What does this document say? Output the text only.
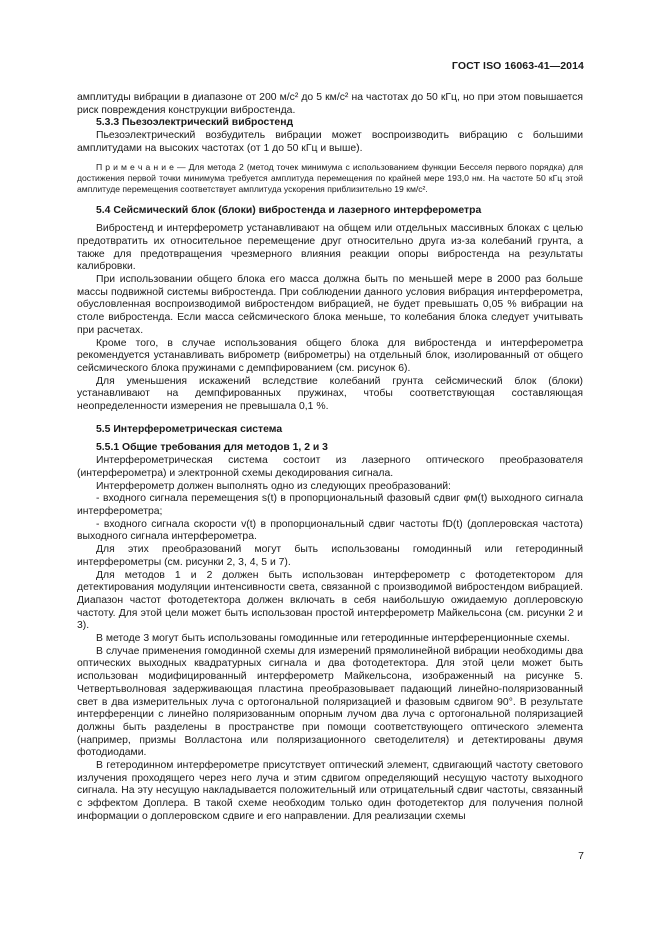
ГОСТ ISO 16063-41—2014

амплитуды вибрации в диапазоне от 200 м/с² до 5 км/с² на частотах до 50 кГц, но при этом повышается риск повреждения конструкции вибростенда.

5.3.3 Пьезоэлектрический вибростенд

Пьезоэлектрический возбудитель вибрации может воспроизводить вибрацию с большими амплитудами на высоких частотах (от 1 до 50 кГц и выше).

П р и м е ч а н и е — Для метода 2 (метод точек минимума с использованием функции Бесселя первого порядка) для достижения первой точки минимума требуется амплитуда перемещения по крайней мере 193,0 нм. На частоте 50 кГц этой амплитуде перемещения соответствует амплитуда ускорения приблизительно 19 км/с².

5.4 Сейсмический блок (блоки) вибростенда и лазерного интерферометра

Вибростенд и интерферометр устанавливают на общем или отдельных массивных блоках с целью предотвратить их относительное перемещение друг относительно друга из-за колебаний грунта, а также для предотвращения чрезмерного влияния реакции опоры вибростенда на результаты калибровки.

При использовании общего блока его масса должна быть по меньшей мере в 2000 раз больше массы подвижной системы вибростенда. При соблюдении данного условия вибрация интерферометра, обусловленная воспроизводимой вибростендом вибрацией, не будет превышать 0,05 % вибрации на столе вибростенда. Если масса сейсмического блока меньше, то колебания блока следует учитывать при расчетах.

Кроме того, в случае использования общего блока для вибростенда и интерферометра рекомендуется устанавливать виброметр (виброметры) на отдельный блок, изолированный от общего сейсмического блока пружинами с демпфированием (см. рисунок 6).

Для уменьшения искажений вследствие колебаний грунта сейсмический блок (блоки) устанавливают на демпфированных пружинах, чтобы соответствующая составляющая неопределенности измерения не превышала 0,1 %.

5.5 Интерферометрическая система

5.5.1 Общие требования для методов 1, 2 и 3

Интерферометрическая система состоит из лазерного оптического преобразователя (интерферометра) и электронной схемы декодирования сигнала.

Интерферометр должен выполнять одно из следующих преобразований:

- входного сигнала перемещения s(t) в пропорциональный фазовый сдвиг φм(t) выходного сигнала интерферометра;

- входного сигнала скорости v(t) в пропорциональный сдвиг частоты fD(t) (доплеровская частота) выходного сигнала интерферометра.

Для этих преобразований могут быть использованы гомодинный или гетеродинный интерферометры (см. рисунки 2, 3, 4, 5 и 7).

Для методов 1 и 2 должен быть использован интерферометр с фотодетектором для детектирования модуляции интенсивности света, связанной с производимой вибростендом вибрацией. Диапазон частот фотодетектора должен включать в себя наибольшую ожидаемую доплеровскую частоту. Для этой цели может быть использован простой интерферометр Майкельсона (см. рисунки 2 и 3).

В методе 3 могут быть использованы гомодинные или гетеродинные интерференционные схемы.

В случае применения гомодинной схемы для измерений прямолинейной вибрации необходимы два оптических выходных квадратурных сигнала и два фотодетектора. Для этой цели может быть использован модифицированный интерферометр Майкельсона, изображенный на рисунке 5. Четвертьволновая задерживающая пластина преобразовывает падающий линейно-поляризованный свет в два измерительных луча с ортогональной поляризацией и фазовым сдвигом 90°. В результате интерференции с линейно поляризованным опорным лучом два луча с ортогональной поляризацией должны быть разделены в пространстве при помощи соответствующего оптического элемента (например, призмы Волластона или поляризационного светоделителя) и детектированы двумя фотодиодами.

В гетеродинном интерферометре присутствует оптический элемент, сдвигающий частоту светового излучения проходящего через него луча и этим сдвигом определяющий несущую частоту выходного сигнала. На эту несущую накладывается положительный или отрицательный сдвиг частоты, связанный с эффектом Доплера. В такой схеме необходим только один фотодетектор для получения полной информации о доплеровском сдвиге и его направлении. Для реализации схемы

7
